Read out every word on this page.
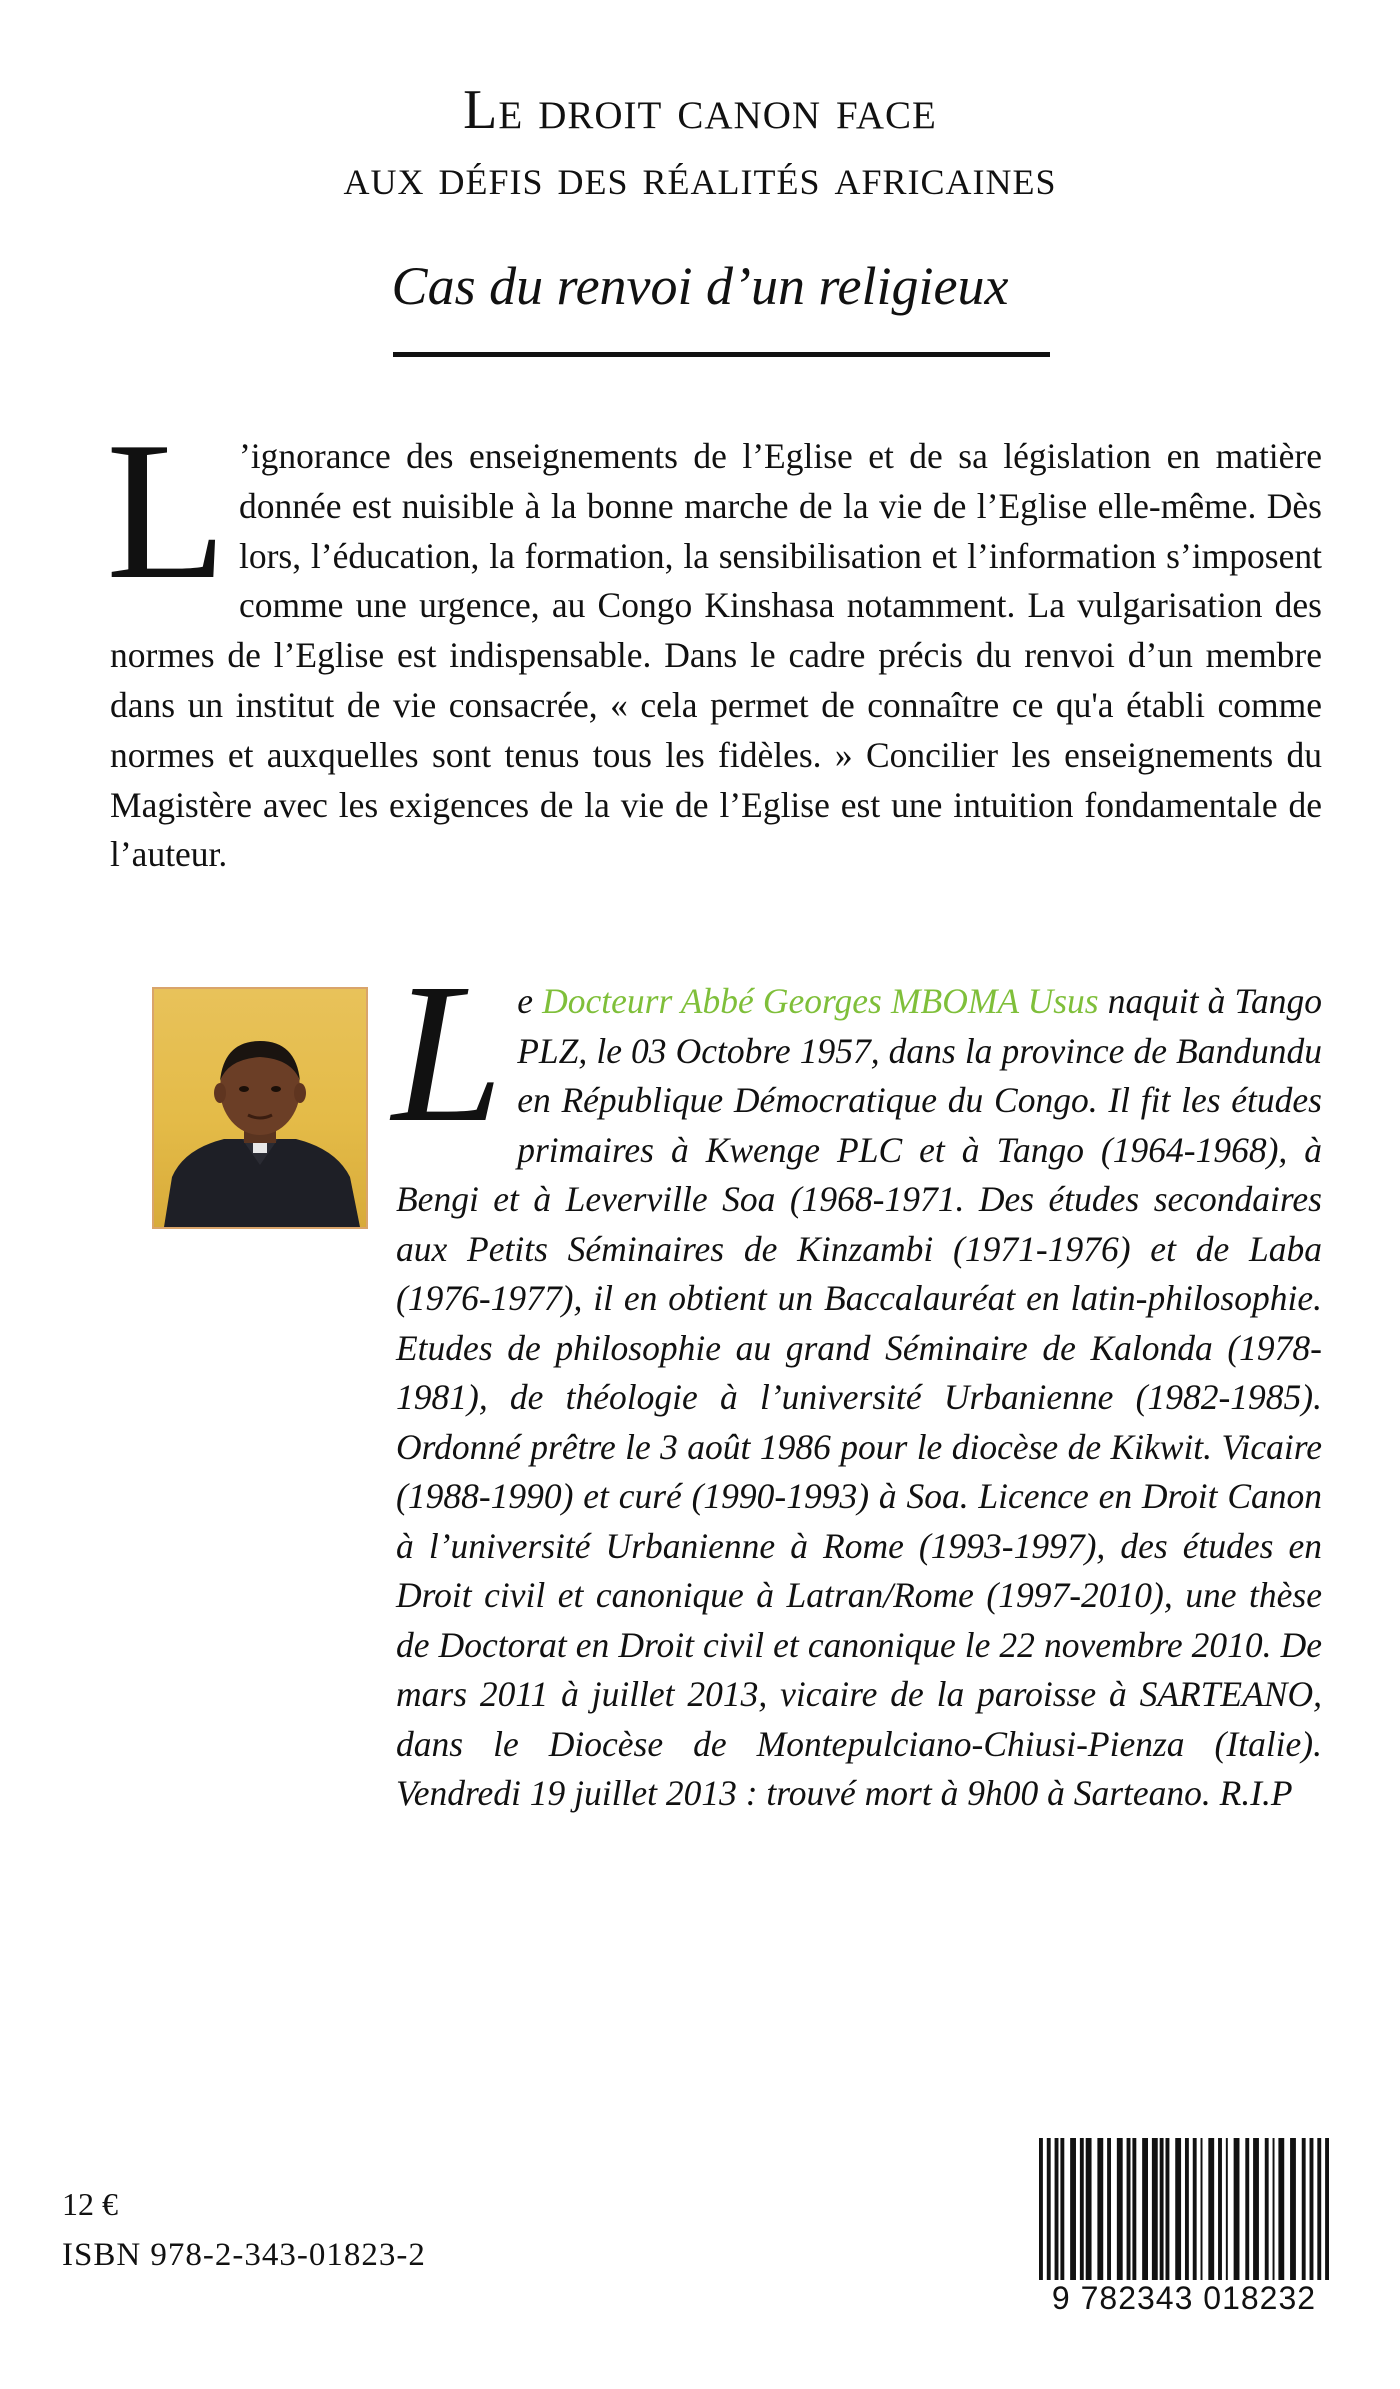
Le droit canon face
aux défis des réalités africaines
Cas du renvoi d’un religieux
L ’ignorance des enseignements de l’Eglise et de sa législation en matière donnée est nuisible à la bonne marche de la vie de l’Eglise elle-même. Dès lors, l’éducation, la formation, la sensibilisation et l’information s’imposent comme une urgence, au Congo Kinshasa notamment. La vulgarisation des normes de l’Eglise est indispensable. Dans le cadre précis du renvoi d’un membre dans un institut de vie consacrée, « cela permet de connaître ce qu'a établi comme normes et auxquelles sont tenus tous les fidèles. » Concilier les enseignements du Magistère avec les exigences de la vie de l’Eglise est une intuition fondamentale de l’auteur.
Le Docteurr Abbé Georges MBOMA Usus naquit à Tango PLZ, le 03 Octobre 1957, dans la province de Bandundu en République Démocratique du Congo. Il fit les études primaires à Kwenge PLC et à Tango (1964-1968), à Bengi et à Leverville Soa (1968-1971. Des études secondaires aux Petits Séminaires de Kinzambi (1971-1976) et de Laba (1976-1977), il en obtient un Baccalauréat en latin-philosophie. Etudes de philosophie au grand Séminaire de Kalonda (1978-1981), de théologie à l’université Urbanienne (1982-1985). Ordonné prêtre le 3 août 1986 pour le diocèse de Kikwit. Vicaire (1988-1990) et curé (1990-1993) à Soa. Licence en Droit Canon à l’université Urbanienne à Rome (1993-1997), des études en Droit civil et canonique à Latran/Rome (1997-2010), une thèse de Doctorat en Droit civil et canonique le 22 novembre 2010. De mars 2011 à juillet 2013, vicaire de la paroisse à SARTEANO, dans le Diocèse de Montepulciano-Chiusi-Pienza (Italie). Vendredi 19 juillet 2013 : trouvé mort à 9h00 à Sarteano. R.I.P
12 €
ISBN 978-2-343-01823-2
9 782343 018232
